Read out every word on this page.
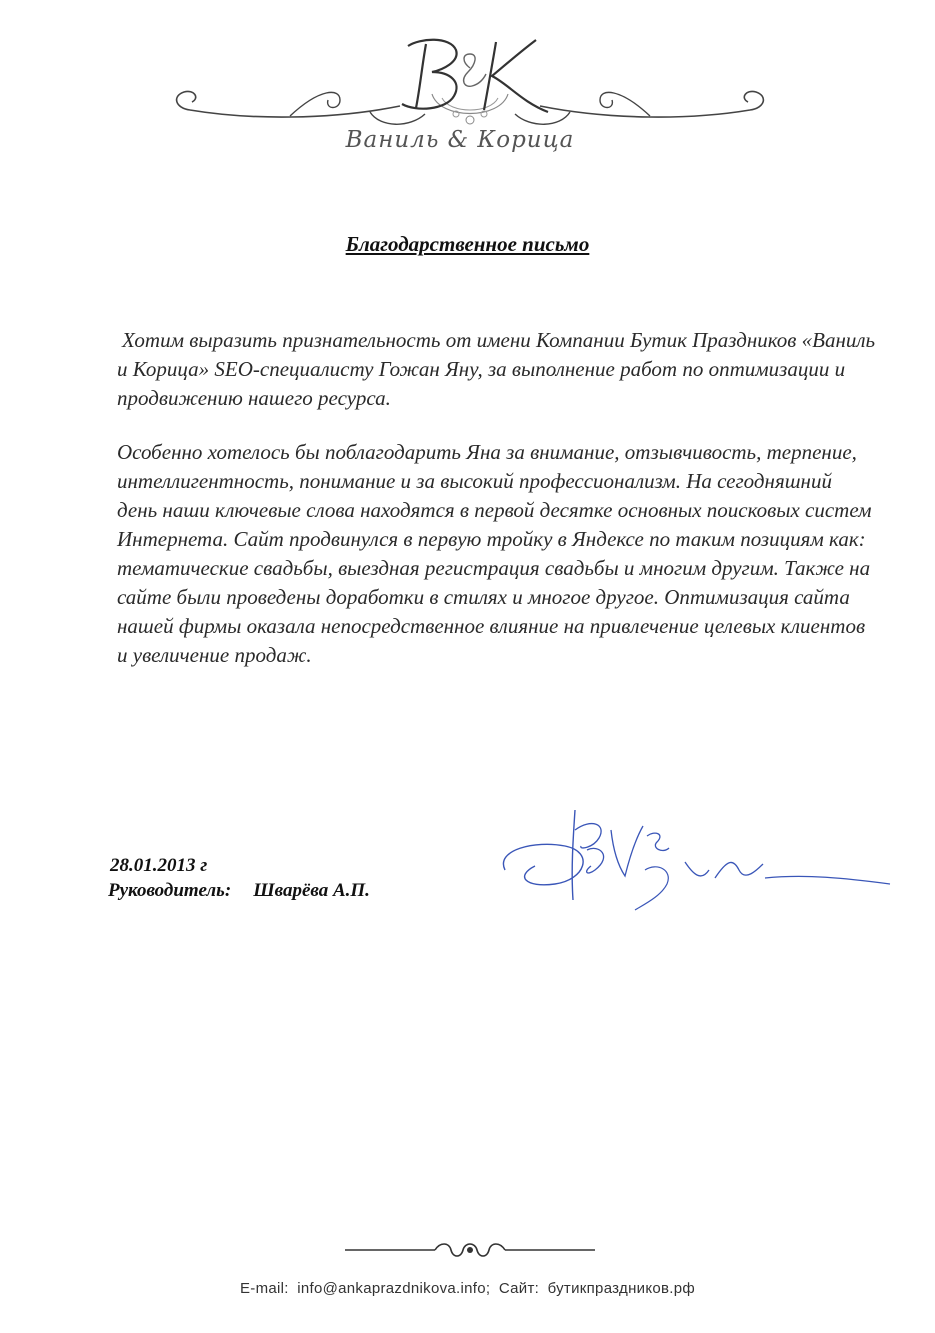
Ваниль & Корица
Благодарственное письмо

Хотим выразить признательность от имени Компании Бутик Праздников «Ваниль и Корица» SEO-специалисту Гожан Яну, за выполнение работ по оптимизации и продвижению нашего ресурса.

Особенно хотелось бы поблагодарить Яна за внимание, отзывчивость, терпение, интеллигентность, понимание и за высокий профессионализм. На сегодняшний день наши ключевые слова находятся в первой десятке основных поисковых систем Интернета. Сайт продвинулся в первую тройку в Яндексе по таким позициям как: тематические свадьбы, выездная регистрация свадьбы и многим другим. Также на сайте были проведены доработки в стилях и многое другое. Оптимизация сайта нашей фирмы оказала непосредственное влияние на привлечение целевых клиентов и увеличение продаж.

28.01.2013 г
Руководитель: Шварёва А.П.
E-mail: info@ankaprazdnikova.info; Сайт: бутикпраздников.рф
